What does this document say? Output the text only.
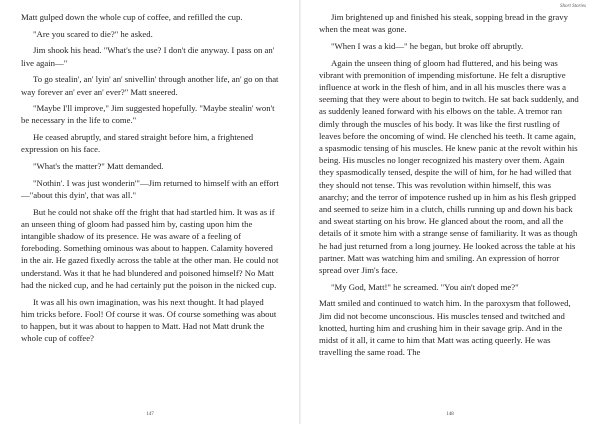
Matt gulped down the whole cup of coffee, and refilled the cup.

"Are you scared to die?" he asked.

Jim shook his head. "What's the use? I don't die anyway. I pass on an' live again—"

To go stealin', an' lyin' an' snivellin' through another life, an' go on that way forever an' ever an' ever?" Matt sneered.

"Maybe I'll improve," Jim suggested hopefully. "Maybe stealin' won't be necessary in the life to come."

He ceased abruptly, and stared straight before him, a frightened expression on his face.

"What's the matter?" Matt demanded.

"Nothin'. I was just wonderin'"—Jim returned to himself with an effort—"about this dyin', that was all."

But he could not shake off the fright that had startled him. It was as if an unseen thing of gloom had passed him by, casting upon him the intangible shadow of its presence. He was aware of a feeling of foreboding. Something ominous was about to happen. Calamity hovered in the air. He gazed fixedly across the table at the other man. He could not understand. Was it that he had blundered and poisoned himself? No Matt had the nicked cup, and he had certainly put the poison in the nicked cup.

It was all his own imagination, was his next thought. It had played him tricks before. Fool! Of course it was. Of course something was about to happen, but it was about to happen to Matt. Had not Matt drunk the whole cup of coffee?

147
Short Stories

Jim brightened up and finished his steak, sopping bread in the gravy when the meat was gone.

"When I was a kid—" he began, but broke off abruptly.

Again the unseen thing of gloom had fluttered, and his being was vibrant with premonition of impending misfortune. He felt a disruptive influence at work in the flesh of him, and in all his muscles there was a seeming that they were about to begin to twitch. He sat back suddenly, and as suddenly leaned forward with his elbows on the table. A tremor ran dimly through the muscles of his body. It was like the first rustling of leaves before the oncoming of wind. He clenched his teeth. It came again, a spasmodic tensing of his muscles. He knew panic at the revolt within his being. His muscles no longer recognized his mastery over them. Again they spasmodically tensed, despite the will of him, for he had willed that they should not tense. This was revolution within himself, this was anarchy; and the terror of impotence rushed up in him as his flesh gripped and seemed to seize him in a clutch, chills running up and down his back and sweat starting on his brow. He glanced about the room, and all the details of it smote him with a strange sense of familiarity. It was as though he had just returned from a long journey. He looked across the table at his partner. Matt was watching him and smiling. An expression of horror spread over Jim's face.

"My God, Matt!" he screamed. "You ain't doped me?"

Matt smiled and continued to watch him. In the paroxysm that followed, Jim did not become unconscious. His muscles tensed and twitched and knotted, hurting him and crushing him in their savage grip. And in the midst of it all, it came to him that Matt was acting queerly. He was travelling the same road. The

148
